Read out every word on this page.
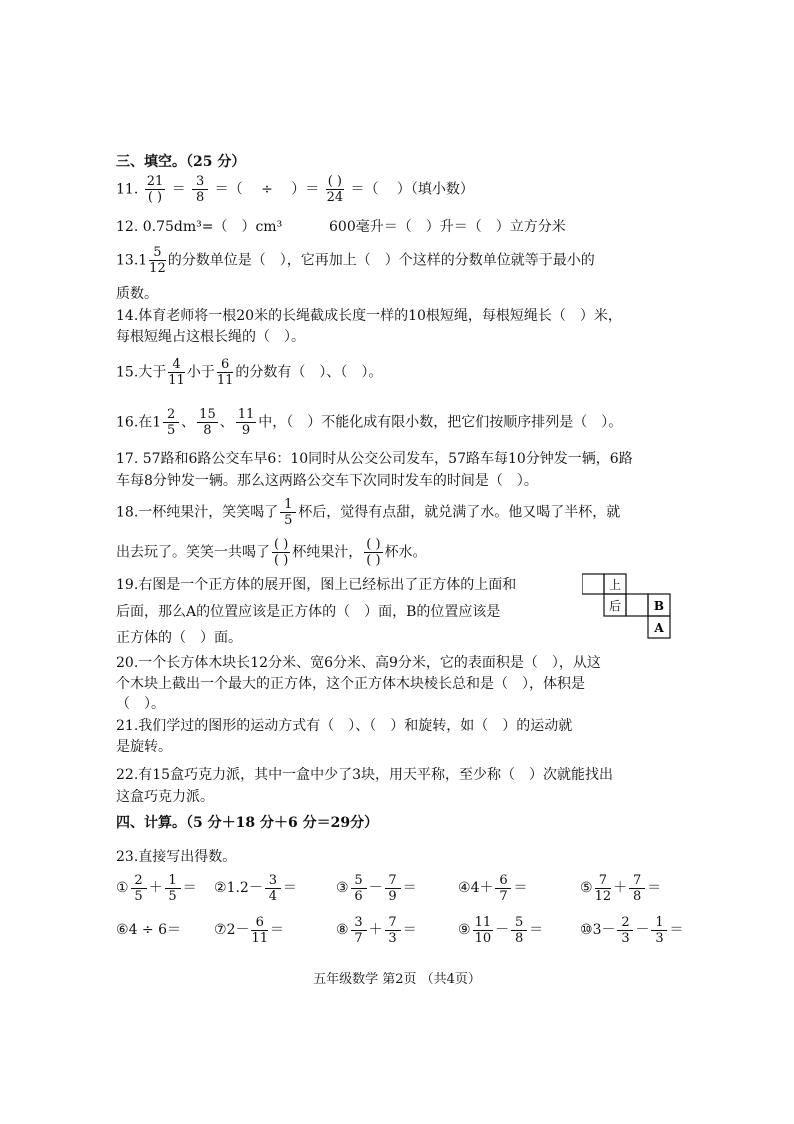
三、填空。（25 分）
11. 21
( ) ＝ $\frac{3}{8}$ ＝（　 ÷　 ）＝ ( )
24 ＝（　 ）（填小数）
12. 0.75dm³=（　）cm³	600毫升＝（　）升＝（　）立方分米
$13.1 \frac{5}{12}$ 的分数单位是（　），它再加上（　）个这样的分数单位就等于最小的
质数。
14.体育老师将一根20米的长绳截成长度一样的10根短绳，每根短绳长（　）米，
每根短绳占这根长绳的（　）。
15.大于 $\frac{4}{11}$ 小于 $\frac{6}{11}$ 的分数有（　）、（　）。
16.在$1 \frac{2}{5}$ 、 $\frac{15}{8}$ 、 $\frac{11}{9}$ 中，（　）不能化成有限小数，把它们按顺序排列是（　）。
17. 57路和6路公交车早6：10同时从公交公司发车，57路车每10分钟发一辆，6路
车每8分钟发一辆。那么这两路公交车下次同时发车的时间是（　）。
18.一杯纯果汁，笑笑喝了 $\frac{1}{5}$ 杯后，觉得有点甜，就兑满了水。他又喝了半杯，就
出去玩了。笑笑一共喝了 ( )
( ) 杯纯果汁， ( )
( ) 杯水。
19.右图是一个正方体的展开图，图上已经标出了正方体的上面和
后面，那么A的位置应该是正方体的（　）面，B的位置应该是
正方体的（　）面。
上
后	B
A
20.一个长方体木块长12分米、宽6分米、高9分米，它的表面积是（　），从这
个木块上截出一个最大的正方体，这个正方体木块棱长总和是（　），体积是
（　）。
21.我们学过的图形的运动方式有（　）、（　）和旋转，如（　）的运动就
是旋转。
22.有15盒巧克力派，其中一盒中少了3块，用天平称，至少称（　）次就能找出
这盒巧克力派。
四、计算。（5 分＋18 分＋6 分＝29分）
23.直接写出得数。
① $\frac{2}{5} + \frac{1}{5}$ ＝ ②1.2－ $\frac{3}{4}$ ＝	③ $\frac{5}{6} - \frac{7}{9}$ ＝	④4＋ $\frac{6}{7}$ ＝	⑤ $\frac{7}{12} + \frac{7}{8}$ ＝
⑥4 ÷ 6＝ ⑦2－ $\frac{6}{11}$ ＝	⑧ $\frac{3}{7} + \frac{7}{3}$ ＝	⑨ $\frac{11}{10} - \frac{5}{8}$ ＝	⑩3－ $\frac{2}{3} - \frac{1}{3}$ ＝
五年级数学 第2页 （共4页）
